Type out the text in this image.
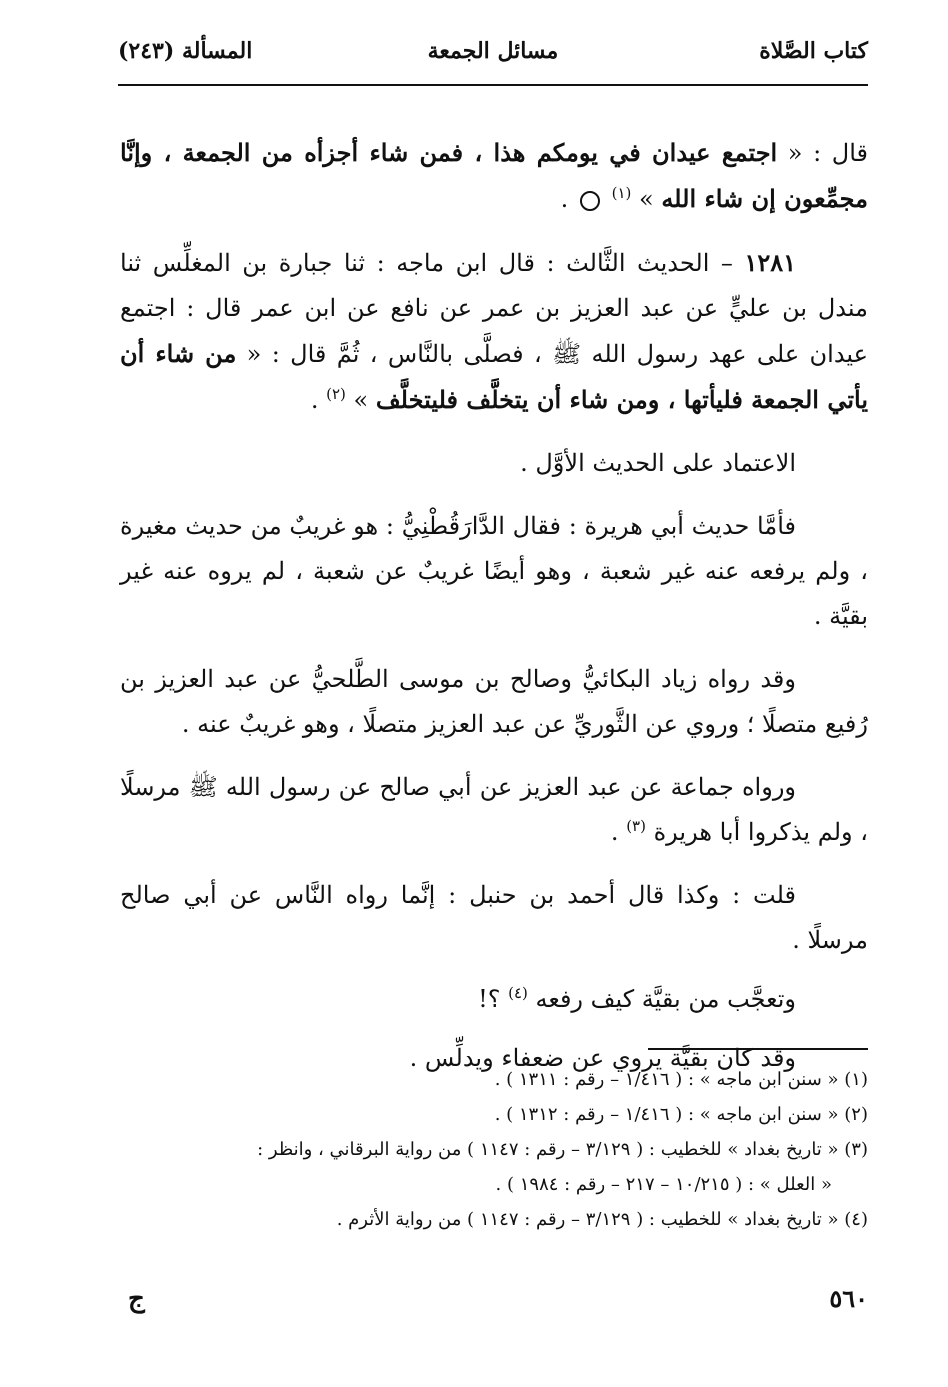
كتاب الصَّلاة
مسائل الجمعة
المسألة (٢٤٣)

قال : « اجتمع عيدان في يومكم هذا ، فمن شاء أجزأه من الجمعة ، وإنَّا مجمِّعون إن شاء الله » $^{(١)}$  .

١٢٨١ – الحديث الثَّالث : قال ابن ماجه : ثنا جبارة بن المغلِّس ثنا مندل بن عليٍّ عن عبد العزيز بن عمر عن نافع عن ابن عمر قال : اجتمع عيدان على عهد رسول الله ﷺ ، فصلَّى بالنَّاس ، ثُمَّ قال : « من شاء أن يأتي الجمعة فليأتها ، ومن شاء أن يتخلَّف فليتخلَّف » $^{(٢)}$ .

الاعتماد على الحديث الأوَّل .

فأمَّا حديث أبي هريرة : فقال الدَّارَقُطْنِيُّ : هو غريبٌ من حديث مغيرة ، ولم يرفعه عنه غير شعبة ، وهو أيضًا غريبٌ عن شعبة ، لم يروه عنه غير بقيَّة .

وقد رواه زياد البكائيُّ وصالح بن موسى الطَّلحيُّ عن عبد العزيز بن رُفيع متصلًا ؛ وروي عن الثَّوريِّ عن عبد العزيز متصلًا ، وهو غريبٌ عنه .

ورواه جماعة عن عبد العزيز عن أبي صالح عن رسول الله ﷺ مرسلًا ، ولم يذكروا أبا هريرة $^{(٣)}$ .

قلت : وكذا قال أحمد بن حنبل : إنَّما رواه النَّاس عن أبي صالح مرسلًا .

وتعجَّب من بقيَّة كيف رفعه $^{(٤)}$ ؟!

وقد كان بقيَّة يروي عن ضعفاء ويدلِّس .

(١) « سنن ابن ماجه » : ( ١/٤١٦ – رقم : ١٣١١ ) .

(٢) « سنن ابن ماجه » : ( ١/٤١٦ – رقم : ١٣١٢ ) .

(٣) « تاريخ بغداد » للخطيب : ( ٣/١٢٩ – رقم : ١١٤٧ ) من رواية البرقاني ، وانظر :

« العلل » : ( ١٠/٢١٥ – ٢١٧ – رقم : ١٩٨٤ ) .

(٤) « تاريخ بغداد » للخطيب : ( ٣/١٢٩ – رقم : ١١٤٧ ) من رواية الأثرم .

٥٦٠
ج
